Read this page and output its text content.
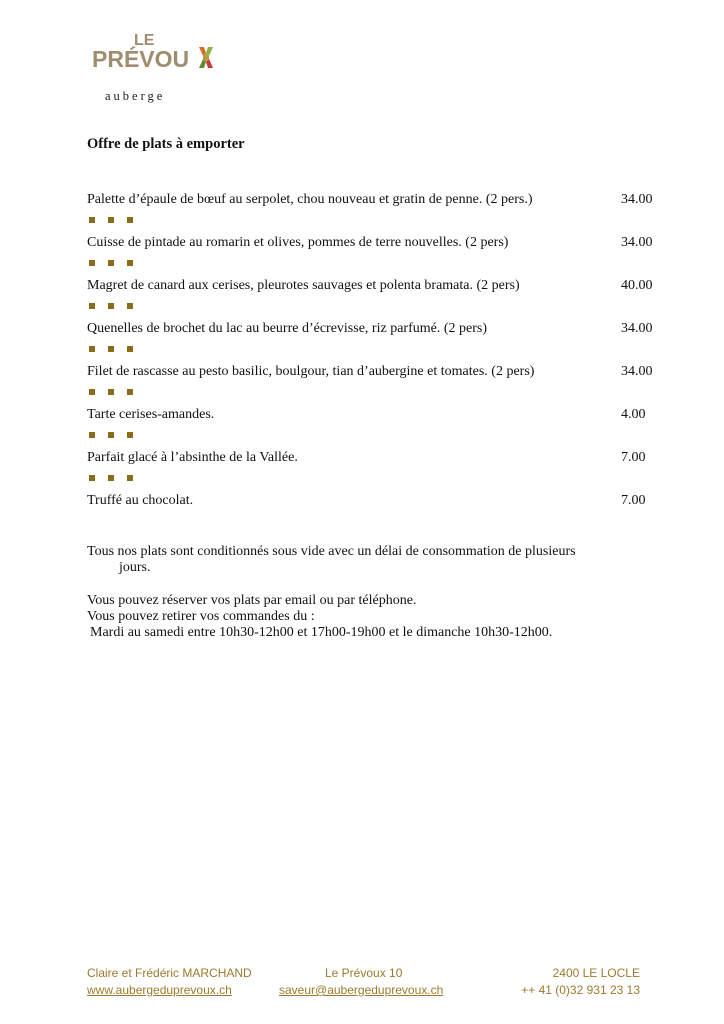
LE
PRÉVOU
auberge
Offre de plats à emporter
Palette d’épaule de bœuf au serpolet, chou nouveau et gratin de penne. (2 pers.)	34.00
Cuisse de pintade au romarin et olives, pommes de terre nouvelles. (2 pers)	34.00
Magret de canard aux cerises, pleurotes sauvages et polenta bramata. (2 pers)	40.00
Quenelles de brochet du lac au beurre d’écrevisse, riz parfumé. (2 pers)	34.00
Filet de rascasse au pesto basilic, boulgour, tian d’aubergine et tomates. (2 pers)	34.00
Tarte cerises-amandes.	4.00
Parfait glacé à l’absinthe de la Vallée.	7.00
Truffé au chocolat.	7.00

Tous nos plats sont conditionnés sous vide avec un délai de consommation de plusieurs

jours.

Vous pouvez réserver vos plats par email ou par téléphone.

Vous pouvez retirer vos commandes du :

Mardi au samedi entre 10h30-12h00 et 17h00-19h00 et le dimanche 10h30-12h00.

Claire et Frédéric MARCHAND	Le Prévoux 10	2400 LE LOCLE
www.aubergeduprevoux.ch	saveur@aubergeduprevoux.ch	++ 41 (0)32 931 23 13
